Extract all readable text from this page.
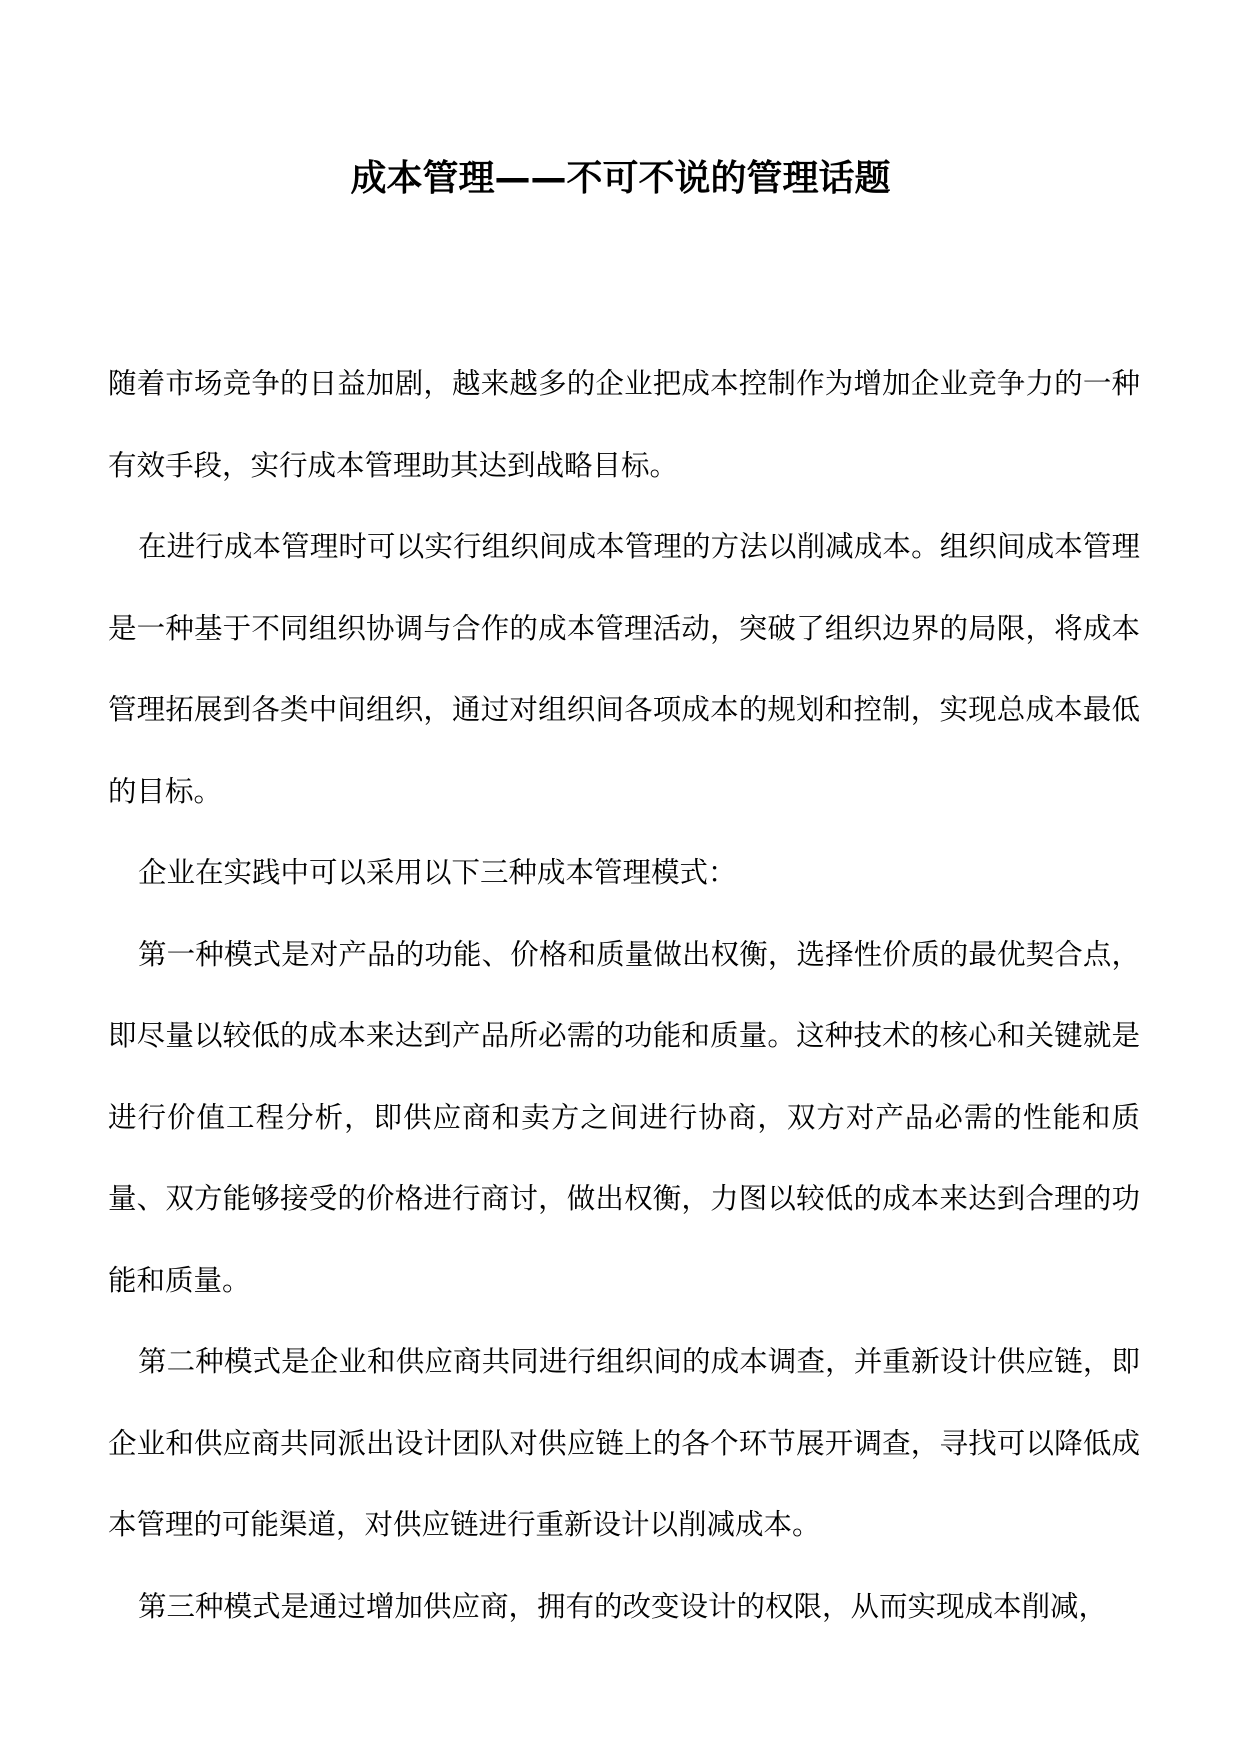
成本管理——不可不说的管理话题

随着市场竞争的日益加剧，越来越多的企业把成本控制作为增加企业竞争力的一种有效手段，实行成本管理助其达到战略目标。

在进行成本管理时可以实行组织间成本管理的方法以削减成本。组织间成本管理是一种基于不同组织协调与合作的成本管理活动，突破了组织边界的局限，将成本管理拓展到各类中间组织，通过对组织间各项成本的规划和控制，实现总成本最低的目标。

企业在实践中可以采用以下三种成本管理模式：

第一种模式是对产品的功能、价格和质量做出权衡，选择性价质的最优契合点，即尽量以较低的成本来达到产品所必需的功能和质量。这种技术的核心和关键就是进行价值工程分析，即供应商和卖方之间进行协商，双方对产品必需的性能和质量、双方能够接受的价格进行商讨，做出权衡，力图以较低的成本来达到合理的功能和质量。

第二种模式是企业和供应商共同进行组织间的成本调查，并重新设计供应链，即企业和供应商共同派出设计团队对供应链上的各个环节展开调查，寻找可以降低成本管理的可能渠道，对供应链进行重新设计以削减成本。

第三种模式是通过增加供应商，拥有的改变设计的权限，从而实现成本削减，
